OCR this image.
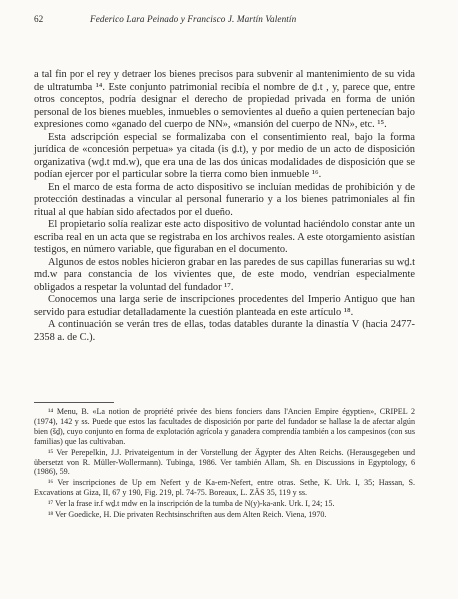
62	Federico Lara Peinado y Francisco J. Martín Valentín

a tal fin por el rey y detraer los bienes precisos para subvenir al mantenimiento de su vida de ultratumba ¹⁴. Este conjunto patrimonial recibía el nombre de ḏ.t , y, parece que, entre otros conceptos, podría designar el derecho de propiedad privada en forma de unión personal de los bienes muebles, inmuebles o semovientes al dueño a quien pertenecían bajo expresiones como «ganado del cuerpo de NN», «mansión del cuerpo de NN», etc. ¹⁵.

Esta adscripción especial se formalizaba con el consentimiento real, bajo la forma jurídica de «concesión perpetua» ya citada (is ḏ.t), y por medio de un acto de disposición organizativa (wḏ.t md.w), que era una de las dos únicas modalidades de disposición que se podían ejercer por el particular sobre la tierra como bien inmueble ¹⁶.

En el marco de esta forma de acto dispositivo se incluían medidas de prohibición y de protección destinadas a vincular al personal funerario y a los bienes patrimoniales al fin ritual al que habían sido afectados por el dueño.

El propietario solía realizar este acto dispositivo de voluntad haciéndolo constar ante un escriba real en un acta que se registraba en los archivos reales. A este otorgamiento asistían testigos, en número variable, que figuraban en el documento.

Algunos de estos nobles hicieron grabar en las paredes de sus capillas funerarias su wḏ.t md.w para constancia de los vivientes que, de este modo, vendrían especialmente obligados a respetar la voluntad del fundador ¹⁷.

Conocemos una larga serie de inscripciones procedentes del Imperio Antiguo que han servido para estudiar detalladamente la cuestión planteada en este artículo ¹⁸.

A continuación se verán tres de ellas, todas datables durante la dinastía V (hacia 2477-2358 a. de C.).

¹⁴ Menu, B. «La notion de propriété privée des biens fonciers dans l'Ancien Empire égyptien», CRIPEL 2 (1974), 142 y ss. Puede que estos las facultades de disposición por parte del fundador se hallase la de afectar algún bien (šḏ), cuyo conjunto en forma de explotación agrícola y ganadera comprendía también a los campesinos (con sus familias) que las cultivaban.

¹⁵ Ver Perepelkin, J.J. Privateigentum in der Vorstellung der Ägypter des Alten Reichs. (Herausgegeben und übersetzt von R. Müller-Wollermann). Tubinga, 1986. Ver también Allam, Sh. en Discussions in Egyptology, 6 (1986), 59.

¹⁶ Ver inscripciones de Up em Nefert y de Ka-em-Nefert, entre otras. Sethe, K. Urk. I, 35; Hassan, S. Excavations at Giza, II, 67 y 190, Fig. 219, pl. 74-75. Boreaux, L. ZÄS 35, 119 y ss.

¹⁷ Ver la frase ir.f wḏ.t mdw en la inscripción de la tumba de N(y)-ka-ank. Urk. I, 24; 15.

¹⁸ Ver Goedicke, H. Die privaten Rechtsinschriften aus dem Alten Reich. Viena, 1970.
